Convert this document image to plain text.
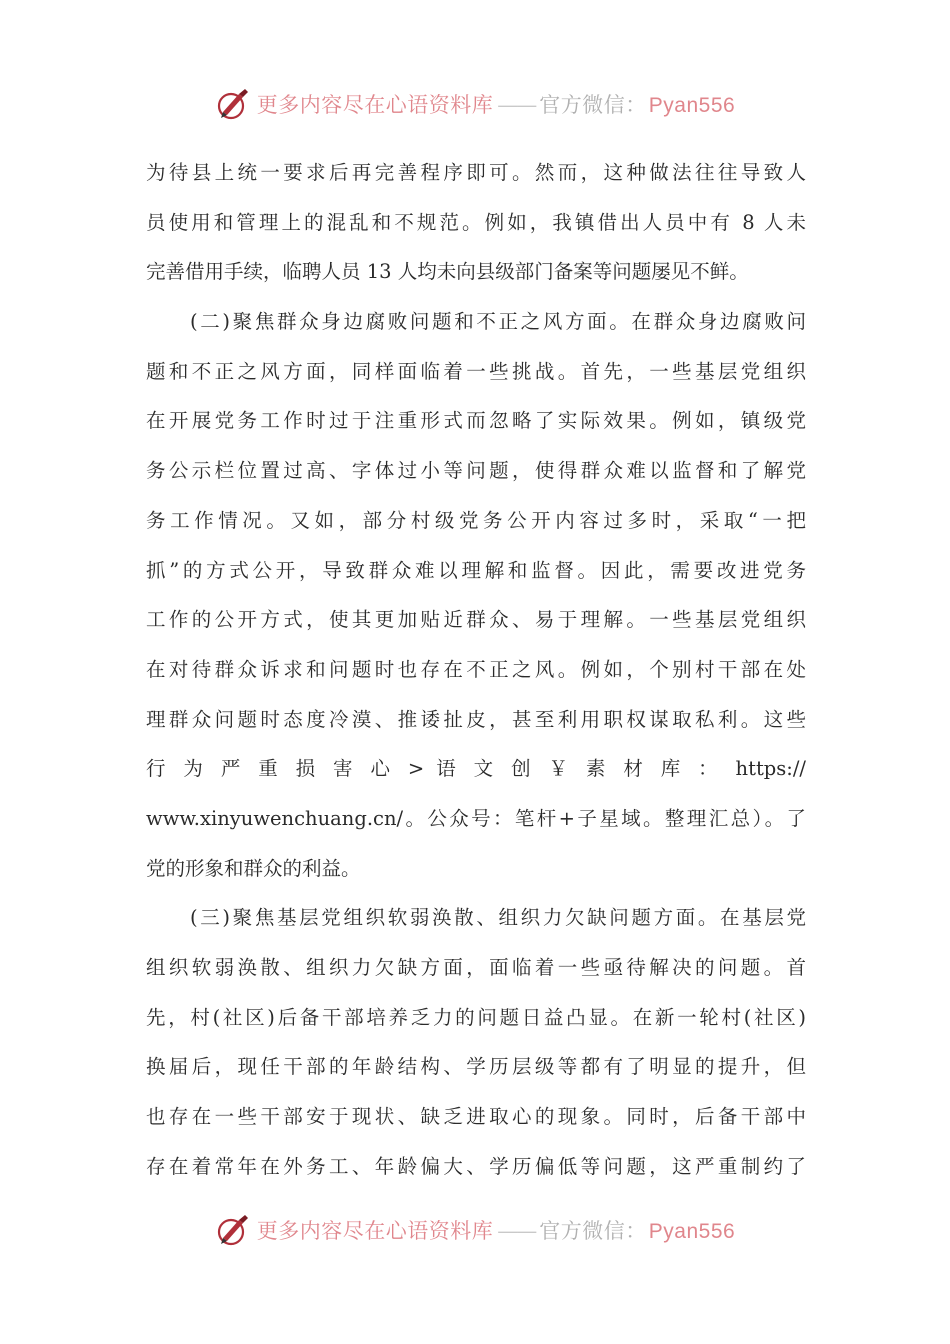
更多内容尽在心语资料库 —— 官方微信：Pyan556
为待县上统一要求后再完善程序即可。然而，这种做法往往导致人
员使用和管理上的混乱和不规范。例如，我镇借出人员中有 8 人未
完善借用手续，临聘人员 13 人均未向县级部门备案等问题屡见不鲜。
(二)聚焦群众身边腐败问题和不正之风方面。在群众身边腐败问
题和不正之风方面，同样面临着一些挑战。首先，一些基层党组织
在开展党务工作时过于注重形式而忽略了实际效果。例如，镇级党
务公示栏位置过高、字体过小等问题，使得群众难以监督和了解党
务工作情况。又如，部分村级党务公开内容过多时，采取“一把
抓”的方式公开，导致群众难以理解和监督。因此，需要改进党务
工作的公开方式，使其更加贴近群众、易于理解。一些基层党组织
在对待群众诉求和问题时也存在不正之风。例如，个别村干部在处
理群众问题时态度冷漠、推诿扯皮，甚至利用职权谋取私利。这些
行 为 严 重 损 害 心 > 语 文 创 ￥ 素 材 库 ： https://
www.xinyuwenchuang.cn/。公众号：笔杆+子星域。整理汇总）。了
党的形象和群众的利益。
(三)聚焦基层党组织软弱涣散、组织力欠缺问题方面。在基层党
组织软弱涣散、组织力欠缺方面，面临着一些亟待解决的问题。首
先，村(社区)后备干部培养乏力的问题日益凸显。在新一轮村(社区)
换届后，现任干部的年龄结构、学历层级等都有了明显的提升，但
也存在一些干部安于现状、缺乏进取心的现象。同时，后备干部中
存在着常年在外务工、年龄偏大、学历偏低等问题，这严重制约了
更多内容尽在心语资料库 —— 官方微信：Pyan556
